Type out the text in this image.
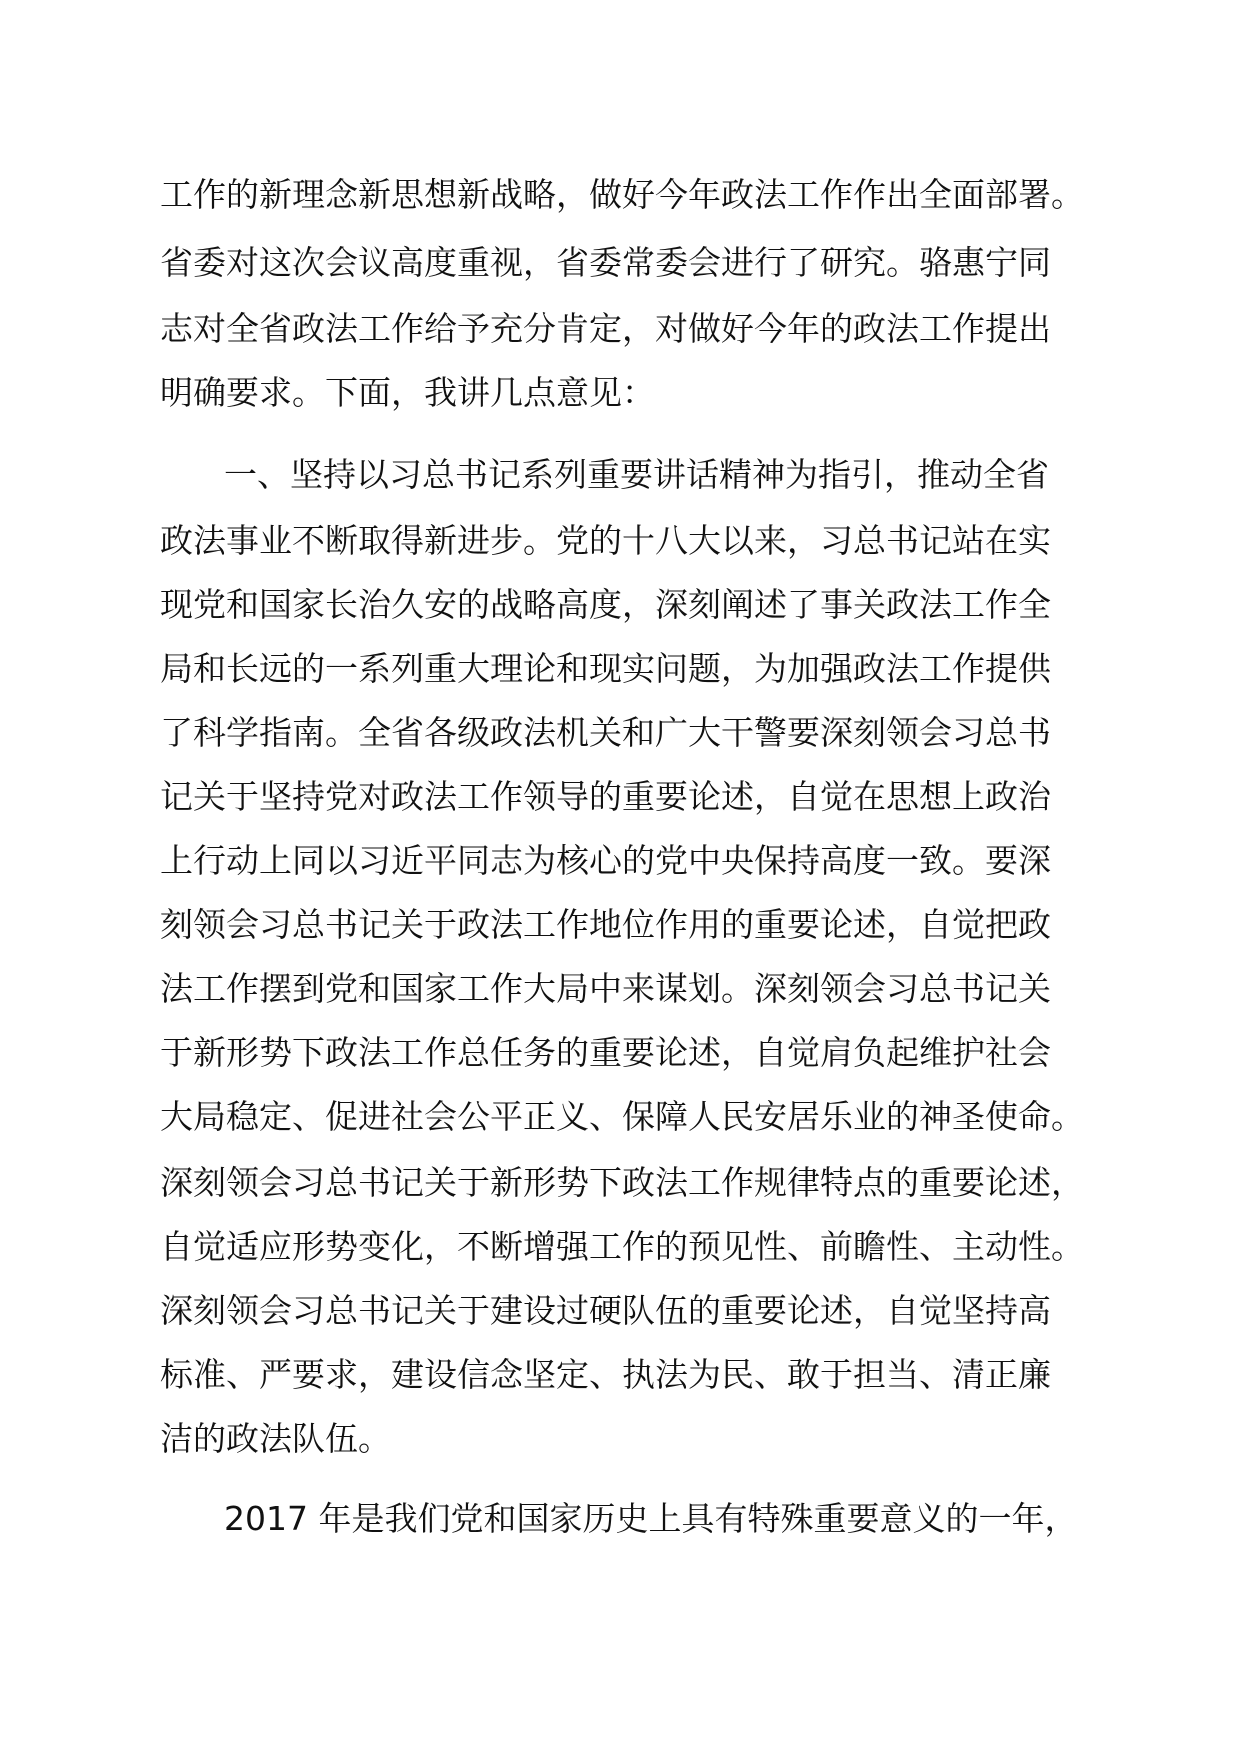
工作的新理念新思想新战略，做好今年政法工作作出全面部署。
省委对这次会议高度重视，省委常委会进行了研究。骆惠宁同
志对全省政法工作给予充分肯定，对做好今年的政法工作提出
明确要求。下面，我讲几点意见：
一、坚持以习总书记系列重要讲话精神为指引，推动全省
政法事业不断取得新进步。党的十八大以来，习总书记站在实
现党和国家长治久安的战略高度，深刻阐述了事关政法工作全
局和长远的一系列重大理论和现实问题，为加强政法工作提供
了科学指南。全省各级政法机关和广大干警要深刻领会习总书
记关于坚持党对政法工作领导的重要论述，自觉在思想上政治
上行动上同以习近平同志为核心的党中央保持高度一致。要深
刻领会习总书记关于政法工作地位作用的重要论述，自觉把政
法工作摆到党和国家工作大局中来谋划。深刻领会习总书记关
于新形势下政法工作总任务的重要论述，自觉肩负起维护社会
大局稳定、促进社会公平正义、保障人民安居乐业的神圣使命。
深刻领会习总书记关于新形势下政法工作规律特点的重要论述，
自觉适应形势变化，不断增强工作的预见性、前瞻性、主动性。
深刻领会习总书记关于建设过硬队伍的重要论述，自觉坚持高
标准、严要求，建设信念坚定、执法为民、敢于担当、清正廉
洁的政法队伍。
2017 年是我们党和国家历史上具有特殊重要意义的一年，
